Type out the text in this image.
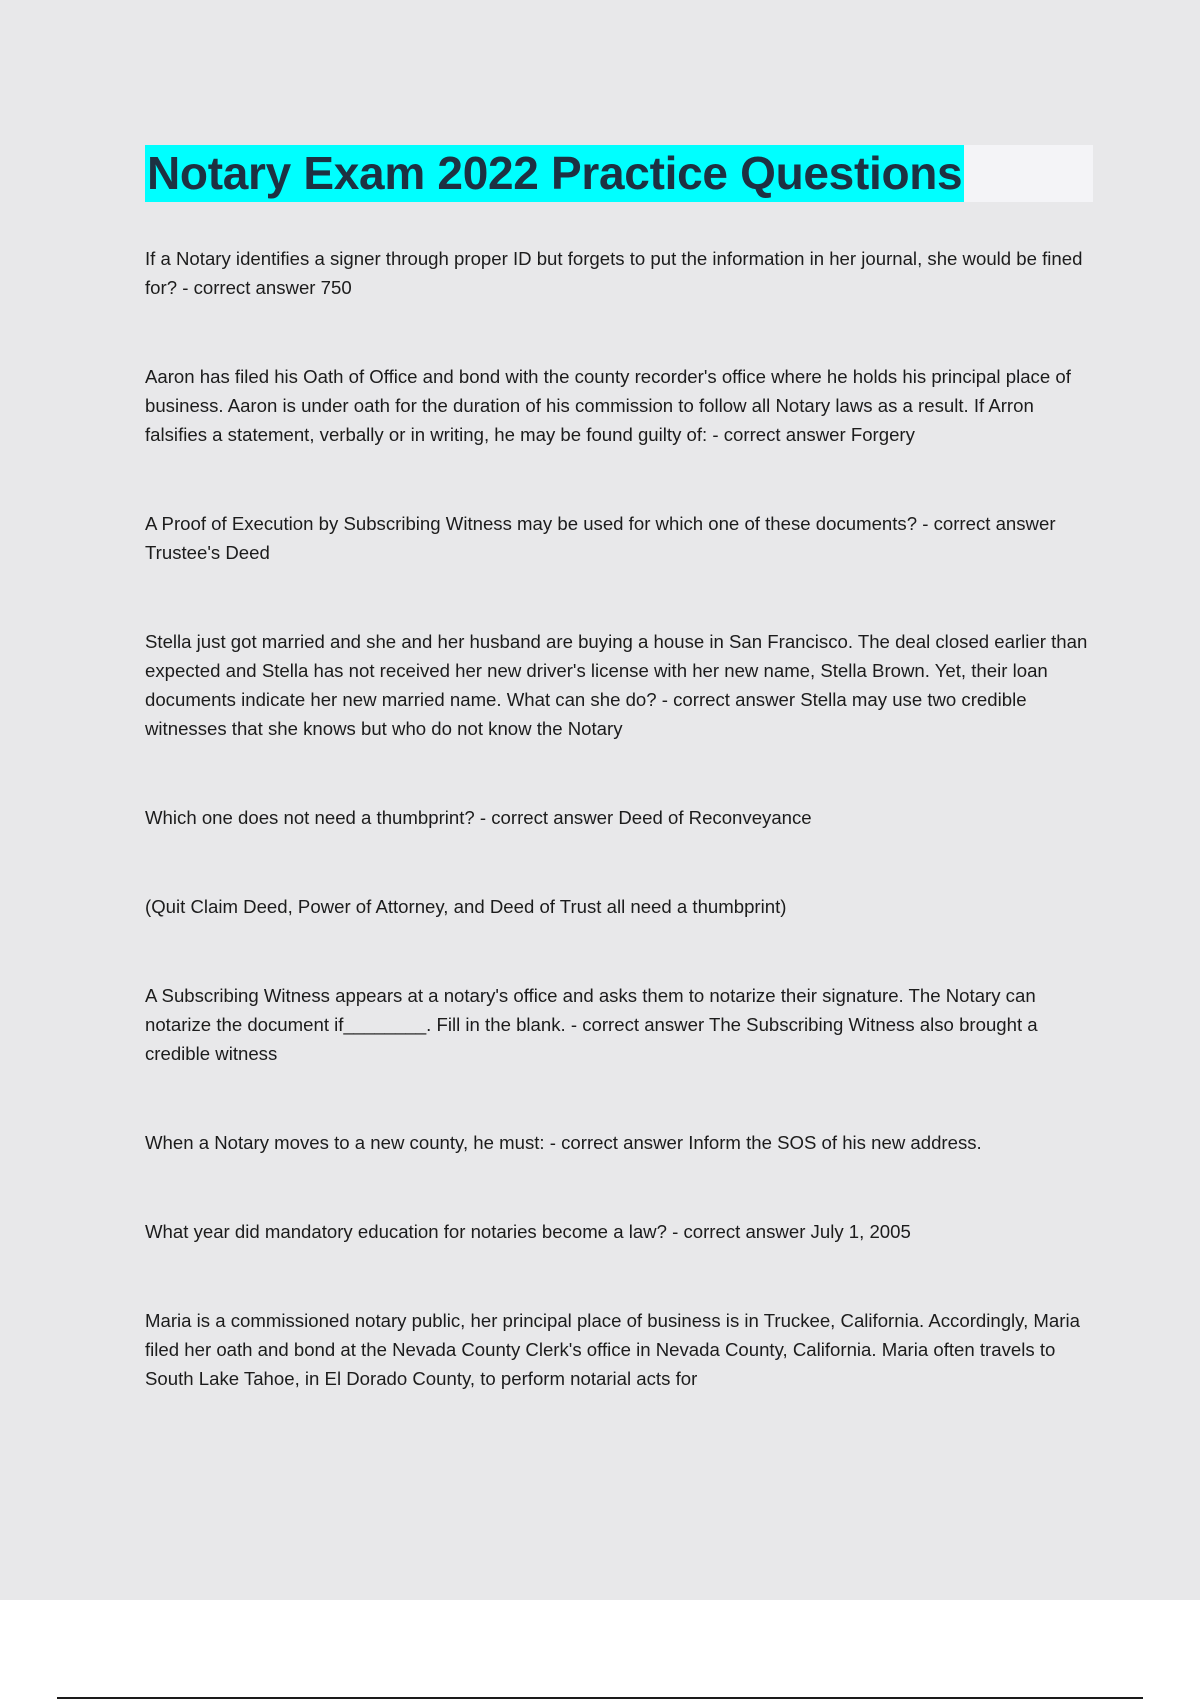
Notary Exam 2022 Practice Questions
If a Notary identifies a signer through proper ID but forgets to put the information in her journal, she would be fined for? - correct answer 750
Aaron has filed his Oath of Office and bond with the county recorder's office where he holds his principal place of business. Aaron is under oath for the duration of his commission to follow all Notary laws as a result. If Arron falsifies a statement, verbally or in writing, he may be found guilty of: - correct answer Forgery
A Proof of Execution by Subscribing Witness may be used for which one of these documents? - correct answer Trustee's Deed
Stella just got married and she and her husband are buying a house in San Francisco. The deal closed earlier than expected and Stella has not received her new driver's license with her new name, Stella Brown. Yet, their loan documents indicate her new married name. What can she do? - correct answer Stella may use two credible witnesses that she knows but who do not know the Notary
Which one does not need a thumbprint? - correct answer Deed of Reconveyance
(Quit Claim Deed, Power of Attorney, and Deed of Trust all need a thumbprint)
A Subscribing Witness appears at a notary's office and asks them to notarize their signature. The Notary can notarize the document if________. Fill in the blank. - correct answer The Subscribing Witness also brought a credible witness
When a Notary moves to a new county, he must: - correct answer Inform the SOS of his new address.
What year did mandatory education for notaries become a law? - correct answer July 1, 2005
Maria is a commissioned notary public, her principal place of business is in Truckee, California. Accordingly, Maria filed her oath and bond at the Nevada County Clerk's office in Nevada County, California. Maria often travels to South Lake Tahoe, in El Dorado County, to perform notarial acts for
